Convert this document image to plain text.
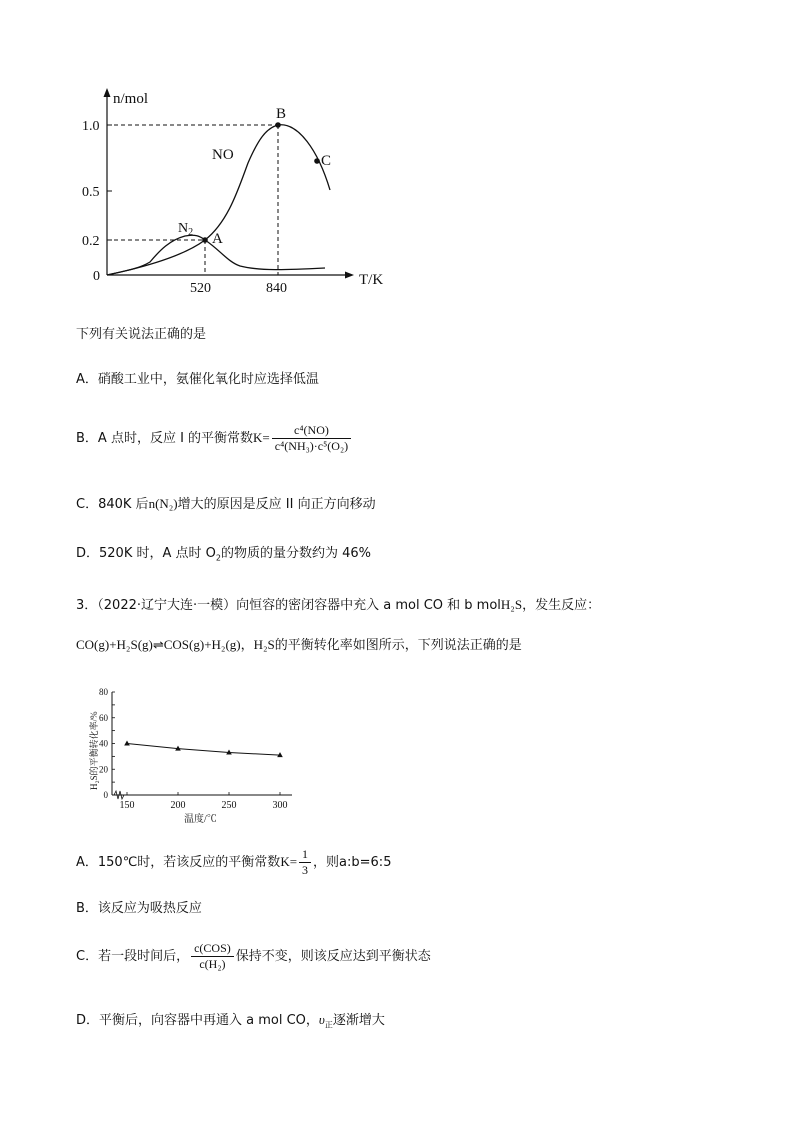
n/mol
T/K
1.0
0.5
0.2
0
520	840
A
B
C
NO
$N_2$
下列有关说法正确的是
A．硝酸工业中，氨催化氧化时应选择低温
B．A 点时，反应 I 的平衡常数$K= \frac{\text{c⁴(NO)}}{\text{c⁴(NH₃)·c⁵(O₂)}}$
C．840K 后n(N₂)增大的原因是反应 II 向正方向移动
D．520K 时，A 点时 $O_2$的物质的量分数约为 46%
3．（2022·辽宁大连·一模）向恒容的密闭容器中充入 a mol CO 和 b molH₂S，发生反应：
CO(g)+H₂S(g)⇌COS(g)+H₂(g)，H₂S的平衡转化率如图所示，下列说法正确的是
0
20
40
60
80
150	200	250	300
温度/℃
H₂S的平衡转化率/%
A．150℃时，若该反应的平衡常数$K= \frac{1}{3}$ ，则a:b=6:5
B．该反应为吸热反应
C．若一段时间后， $\frac{\text{c(COS)}}{\text{c(H₂)}}$ 保持不变，则该反应达到平衡状态
D．平衡后，向容器中再通入 a mol CO，$\upsilon_正$逐渐增大
